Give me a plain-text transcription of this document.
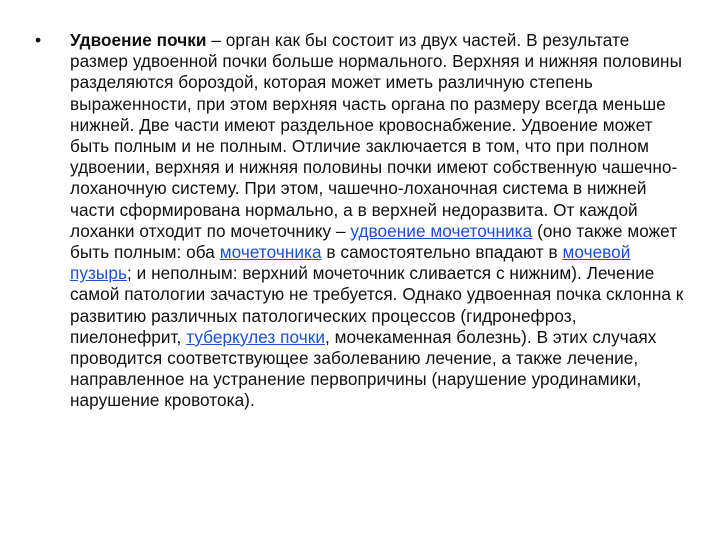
• Удвоение почки – орган как бы состоит из двух частей. В результате размер удвоенной почки больше нормального. Верхняя и нижняя половины разделяются бороздой, которая может иметь различную степень выраженности, при этом верхняя часть органа по размеру всегда меньше нижней. Две части имеют раздельное кровоснабжение. Удвоение может быть полным и не полным. Отличие заключается в том, что при полном удвоении, верхняя и нижняя половины почки имеют собственную чашечно-лоханочную систему. При этом, чашечно-лоханочная система в нижней части сформирована нормально, а в верхней недоразвита. От каждой лоханки отходит по мочеточнику – удвоение мочеточника (оно также может быть полным: оба мочеточника в самостоятельно впадают в мочевой пузырь; и неполным: верхний мочеточник сливается с нижним). Лечение самой патологии зачастую не требуется. Однако удвоенная почка склонна к развитию различных патологических процессов (гидронефроз, пиелонефрит, туберкулез почки, мочекаменная болезнь). В этих случаях проводится соответствующее заболеванию лечение, а также лечение, направленное на устранение первопричины (нарушение уродинамики, нарушение кровотока).
